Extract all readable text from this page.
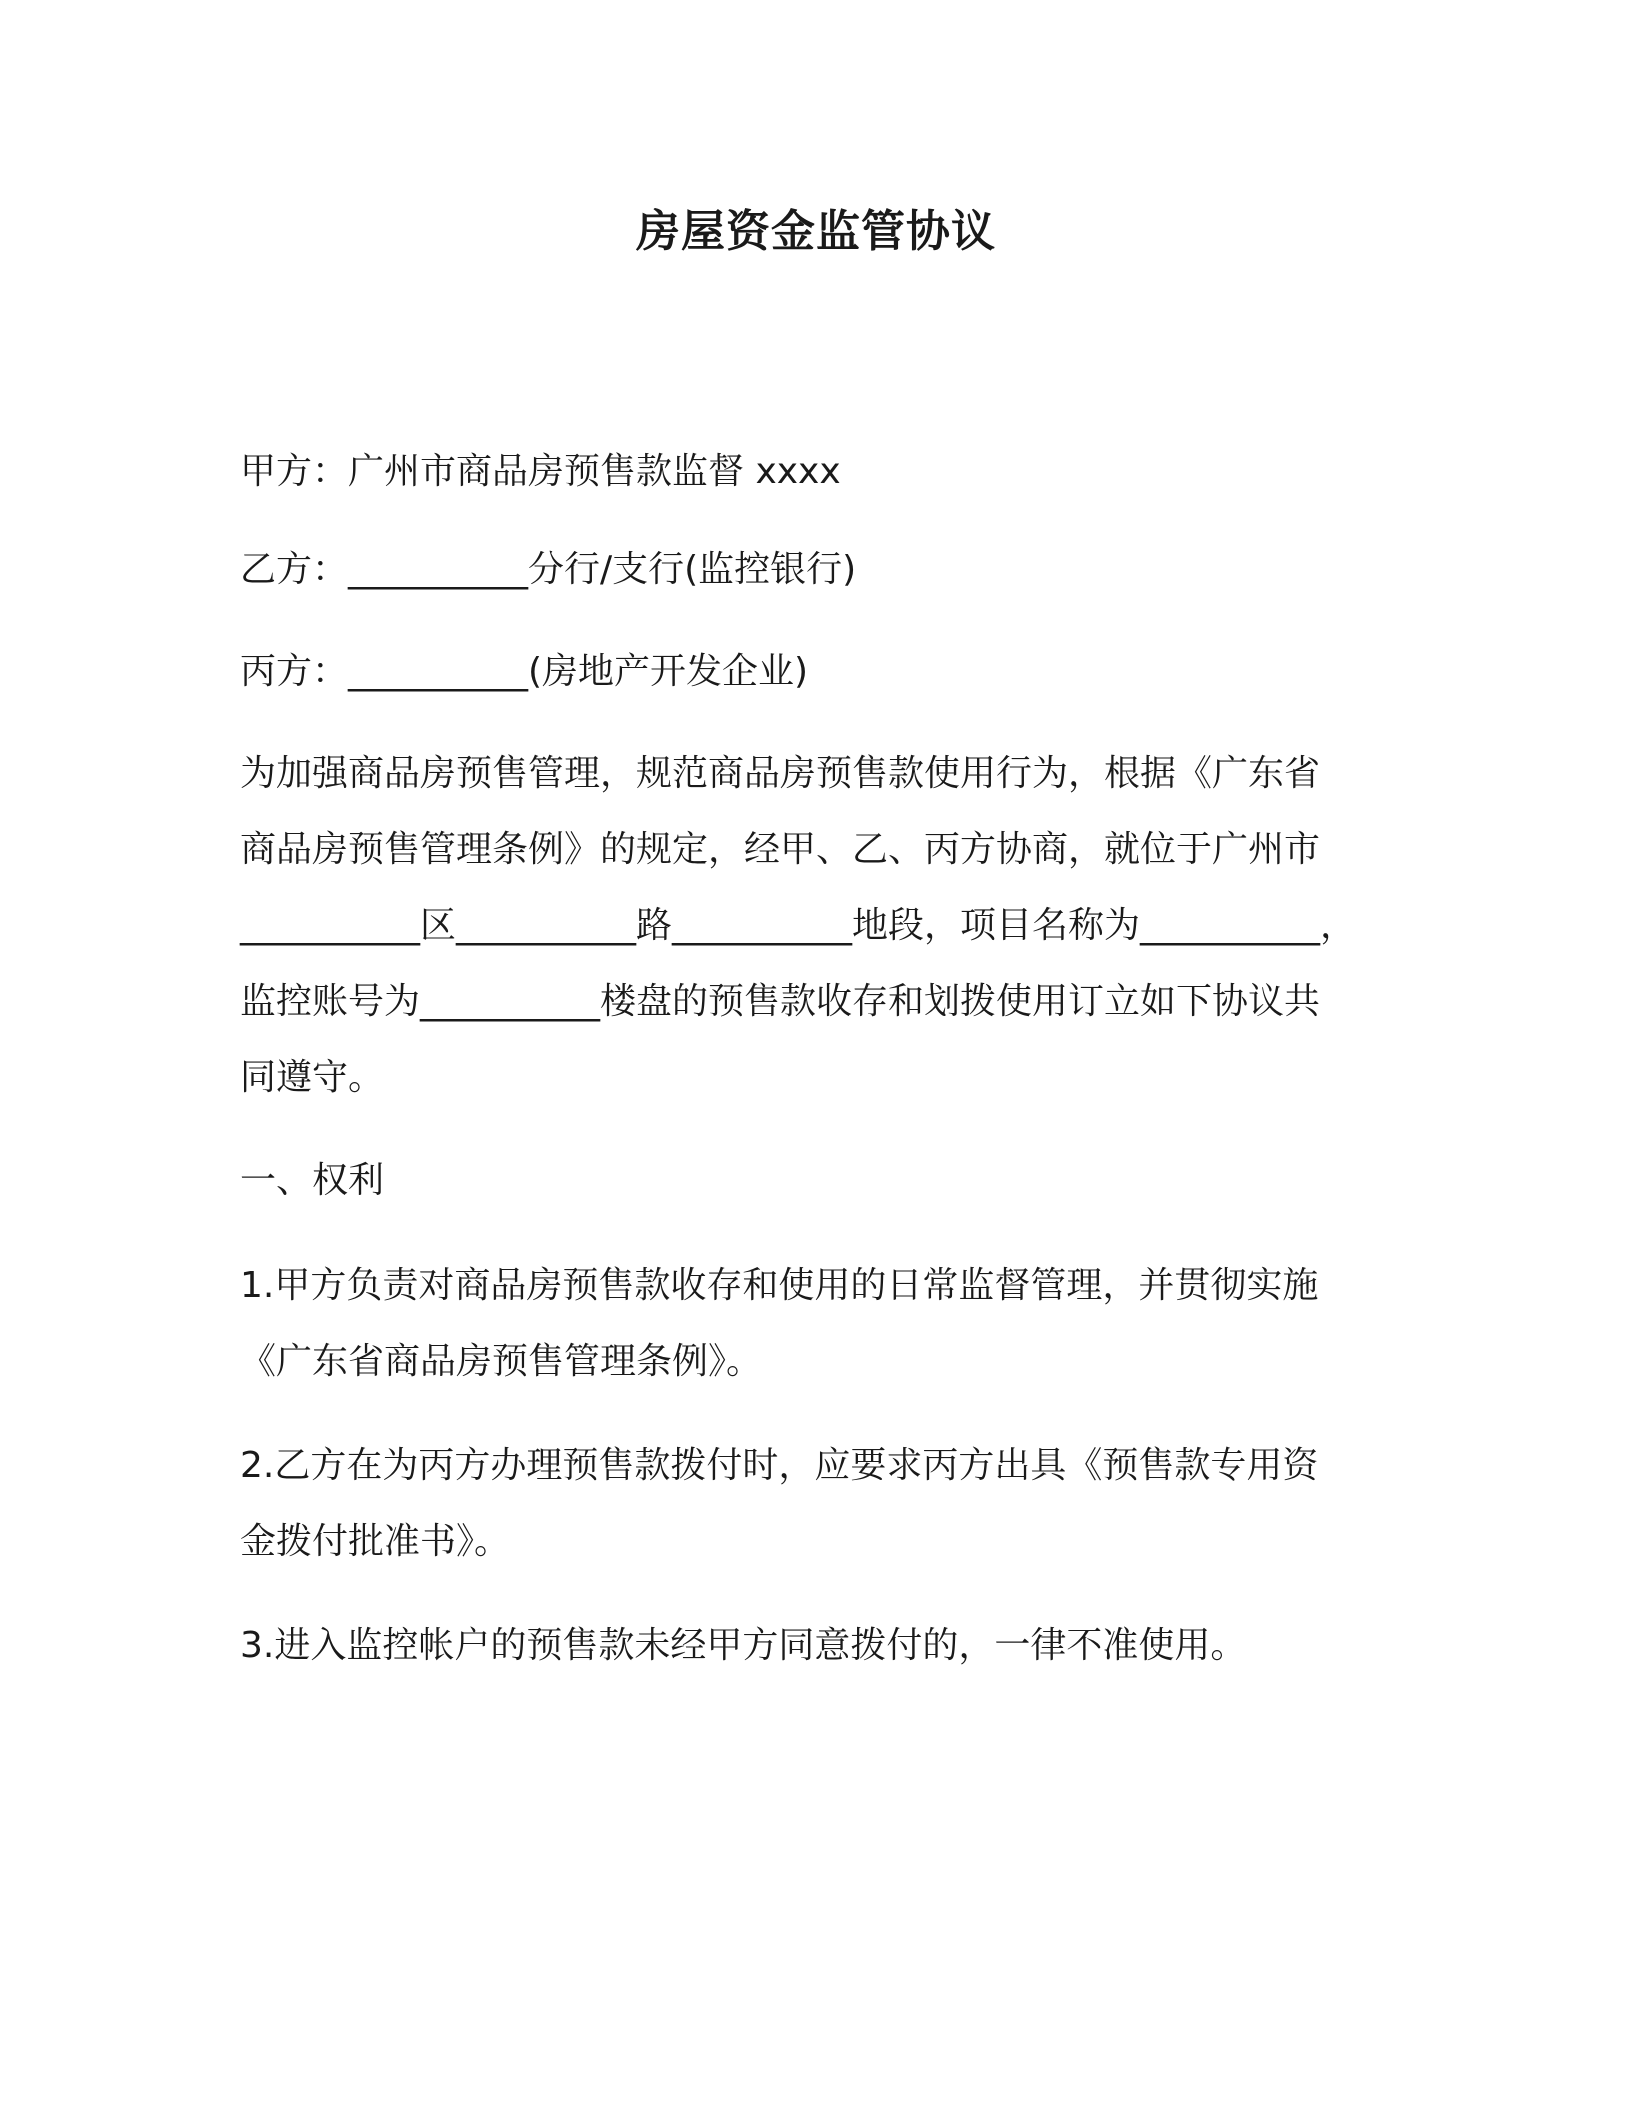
房屋资金监管协议
甲方：广州市商品房预售款监督 xxxx
乙方：__________分行/支行(监控银行)
丙方：__________(房地产开发企业)
为加强商品房预售管理，规范商品房预售款使用行为，根据《广东省
商品房预售管理条例》的规定，经甲、乙、丙方协商，就位于广州市
__________区__________路__________地段，项目名称为__________，
监控账号为__________楼盘的预售款收存和划拨使用订立如下协议共
同遵守。
一、权利
1.甲方负责对商品房预售款收存和使用的日常监督管理，并贯彻实施
《广东省商品房预售管理条例》。
2.乙方在为丙方办理预售款拨付时，应要求丙方出具《预售款专用资
金拨付批准书》。
3.进入监控帐户的预售款未经甲方同意拨付的，一律不准使用。
